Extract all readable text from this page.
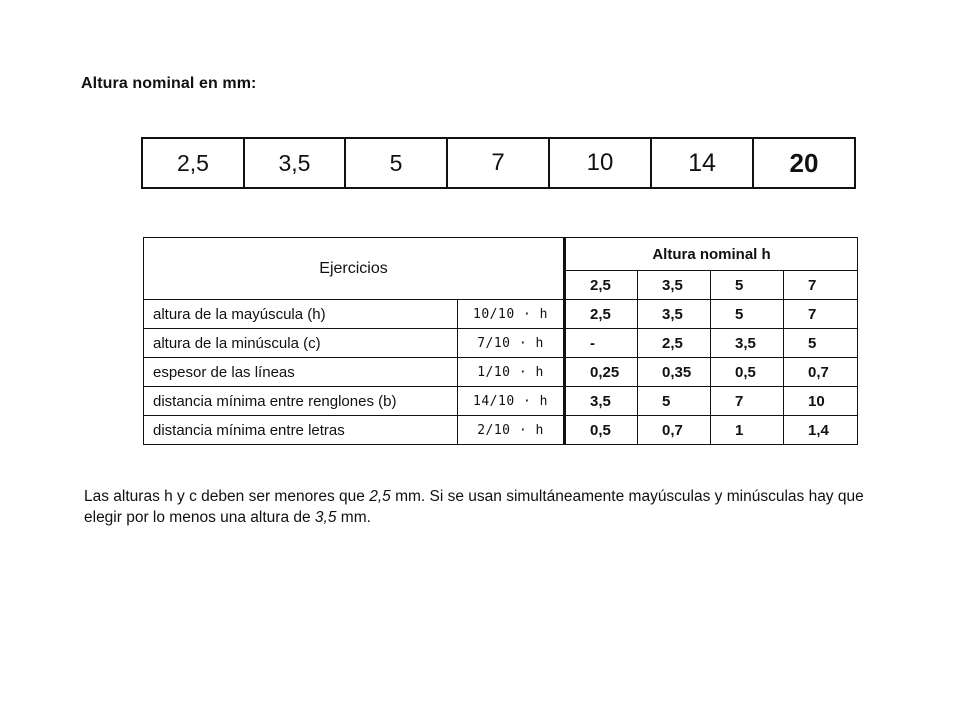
Altura nominal en mm:
2,5	3,5	5	7	10	14	20
Ejercicios		Altura nominal h			
		2,5	3,5	5	7
altura de la mayúscula (h)	10/10 · h	2,5	3,5	5	7
altura de la minúscula (c)	7/10 · h	-	2,5	3,5	5
espesor de las líneas	1/10 · h	0,25	0,35	0,5	0,7
distancia mínima entre renglones (b)	14/10 · h	3,5	5	7	10
distancia mínima entre letras	2/10 · h	0,5	0,7	1	1,4
Las alturas h y c deben ser menores que 2,5 mm. Si se usan simultáneamente mayúsculas y minúsculas hay que elegir por lo menos una altura de 3,5 mm.
